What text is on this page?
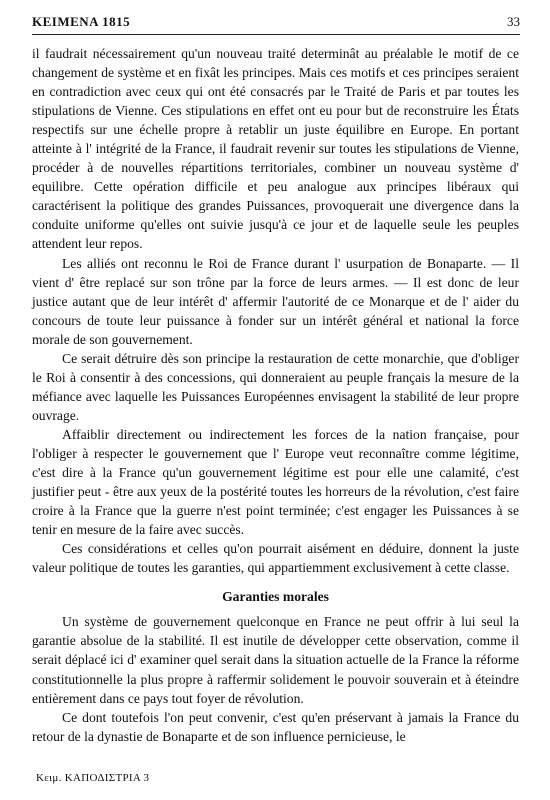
KEIMENA 1815	33

il faudrait nécessairement qu'un nouveau traité determinât au préalable le motif de ce changement de système et en fixât les principes. Mais ces motifs et ces principes seraient en contradiction avec ceux qui ont été consacrés par le Traité de Paris et par toutes les stipulations de Vienne. Ces stipulations en effet ont eu pour but de reconstruire les États respectifs sur une échelle propre à retablir un juste équilibre en Europe. En portant atteinte à l' intégrité de la France, il faudrait revenir sur toutes les stipulations de Vienne, procéder à de nouvelles répartitions territoriales, combiner un nouveau système d' equilibre. Cette opération difficile et peu analogue aux principes libéraux qui caractérisent la politique des grandes Puissances, provoquerait une divergence dans la conduite uniforme qu'elles ont suivie jusqu'à ce jour et de laquelle seule les peuples attendent leur repos.

Les alliés ont reconnu le Roi de France durant l' usurpation de Bonaparte. — Il vient d' être replacé sur son trône par la force de leurs armes. — Il est donc de leur justice autant que de leur intérêt d' affermir l'autorité de ce Monarque et de l' aider du concours de toute leur puissance à fonder sur un intérêt général et national la force morale de son gouvernement.

Ce serait détruire dès son principe la restauration de cette monarchie, que d'obliger le Roi à consentir à des concessions, qui donneraient au peuple français la mesure de la méfiance avec laquelle les Puissances Européennes envisagent la stabilité de leur propre ouvrage.

Affaiblir directement ou indirectement les forces de la nation française, pour l'obliger à respecter le gouvernement que l' Europe veut reconnaître comme légitime, c'est dire à la France qu'un gouvernement légitime est pour elle une calamité, c'est justifier peut - être aux yeux de la postérité toutes les horreurs de la révolution, c'est faire croire à la France que la guerre n'est point terminée; c'est engager les Puissances à se tenir en mesure de la faire avec succès.

Ces considérations et celles qu'on pourrait aisément en déduire, donnent la juste valeur politique de toutes les garanties, qui appartiemment exclusivement à cette classe.

Garanties morales

Un système de gouvernement quelconque en France ne peut offrir à lui seul la garantie absolue de la stabilité. Il est inutile de développer cette observation, comme il serait déplacé ici d' examiner quel serait dans la situation actuelle de la France la réforme constitutionnelle la plus propre à raffermir solidement le pouvoir souverain et à éteindre entièrement dans ce pays tout foyer de révolution.

Ce dont toutefois l'on peut convenir, c'est qu'en préservant à jamais la France du retour de la dynastie de Bonaparte et de son influence pernicieuse, le

Κειμ. ΚΑΠΟΔΙΣΤΡΙΑ 3
